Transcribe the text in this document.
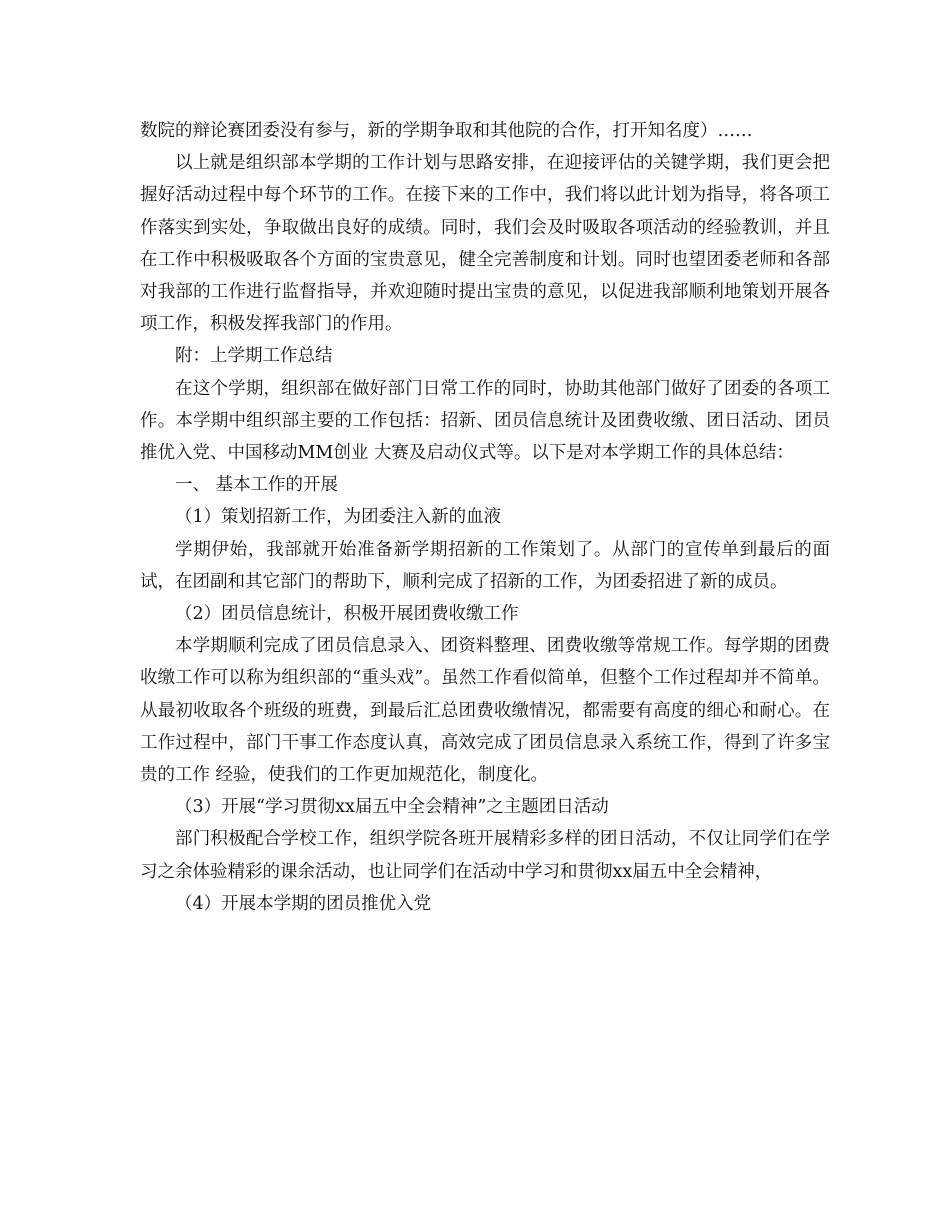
数院的辩论赛团委没有参与，新的学期争取和其他院的合作，打开知名度）……

以上就是组织部本学期的工作计划与思路安排，在迎接评估的关键学期，我们更会把握好活动过程中每个环节的工作。在接下来的工作中，我们将以此计划为指导，将各项工作落实到实处，争取做出良好的成绩。同时，我们会及时吸取各项活动的经验教训，并且在工作中积极吸取各个方面的宝贵意见，健全完善制度和计划。同时也望团委老师和各部对我部的工作进行监督指导，并欢迎随时提出宝贵的意见，以促进我部顺利地策划开展各项工作，积极发挥我部门的作用。

附：上学期工作总结

在这个学期，组织部在做好部门日常工作的同时，协助其他部门做好了团委的各项工作。本学期中组织部主要的工作包括：招新、团员信息统计及团费收缴、团日活动、团员推优入党、中国移动MM创业 大赛及启动仪式等。以下是对本学期工作的具体总结：

一、 基本工作的开展

（1）策划招新工作，为团委注入新的血液

学期伊始，我部就开始准备新学期招新的工作策划了。从部门的宣传单到最后的面试，在团副和其它部门的帮助下，顺利完成了招新的工作，为团委招进了新的成员。

（2）团员信息统计，积极开展团费收缴工作

本学期顺利完成了团员信息录入、团资料整理、团费收缴等常规工作。每学期的团费收缴工作可以称为组织部的“重头戏”。虽然工作看似简单，但整个工作过程却并不简单。从最初收取各个班级的班费，到最后汇总团费收缴情况，都需要有高度的细心和耐心。在工作过程中，部门干事工作态度认真，高效完成了团员信息录入系统工作，得到了许多宝贵的工作 经验，使我们的工作更加规范化，制度化。

（3）开展“学习贯彻xx届五中全会精神”之主题团日活动

部门积极配合学校工作，组织学院各班开展精彩多样的团日活动，不仅让同学们在学习之余体验精彩的课余活动，也让同学们在活动中学习和贯彻xx届五中全会精神，

（4）开展本学期的团员推优入党
